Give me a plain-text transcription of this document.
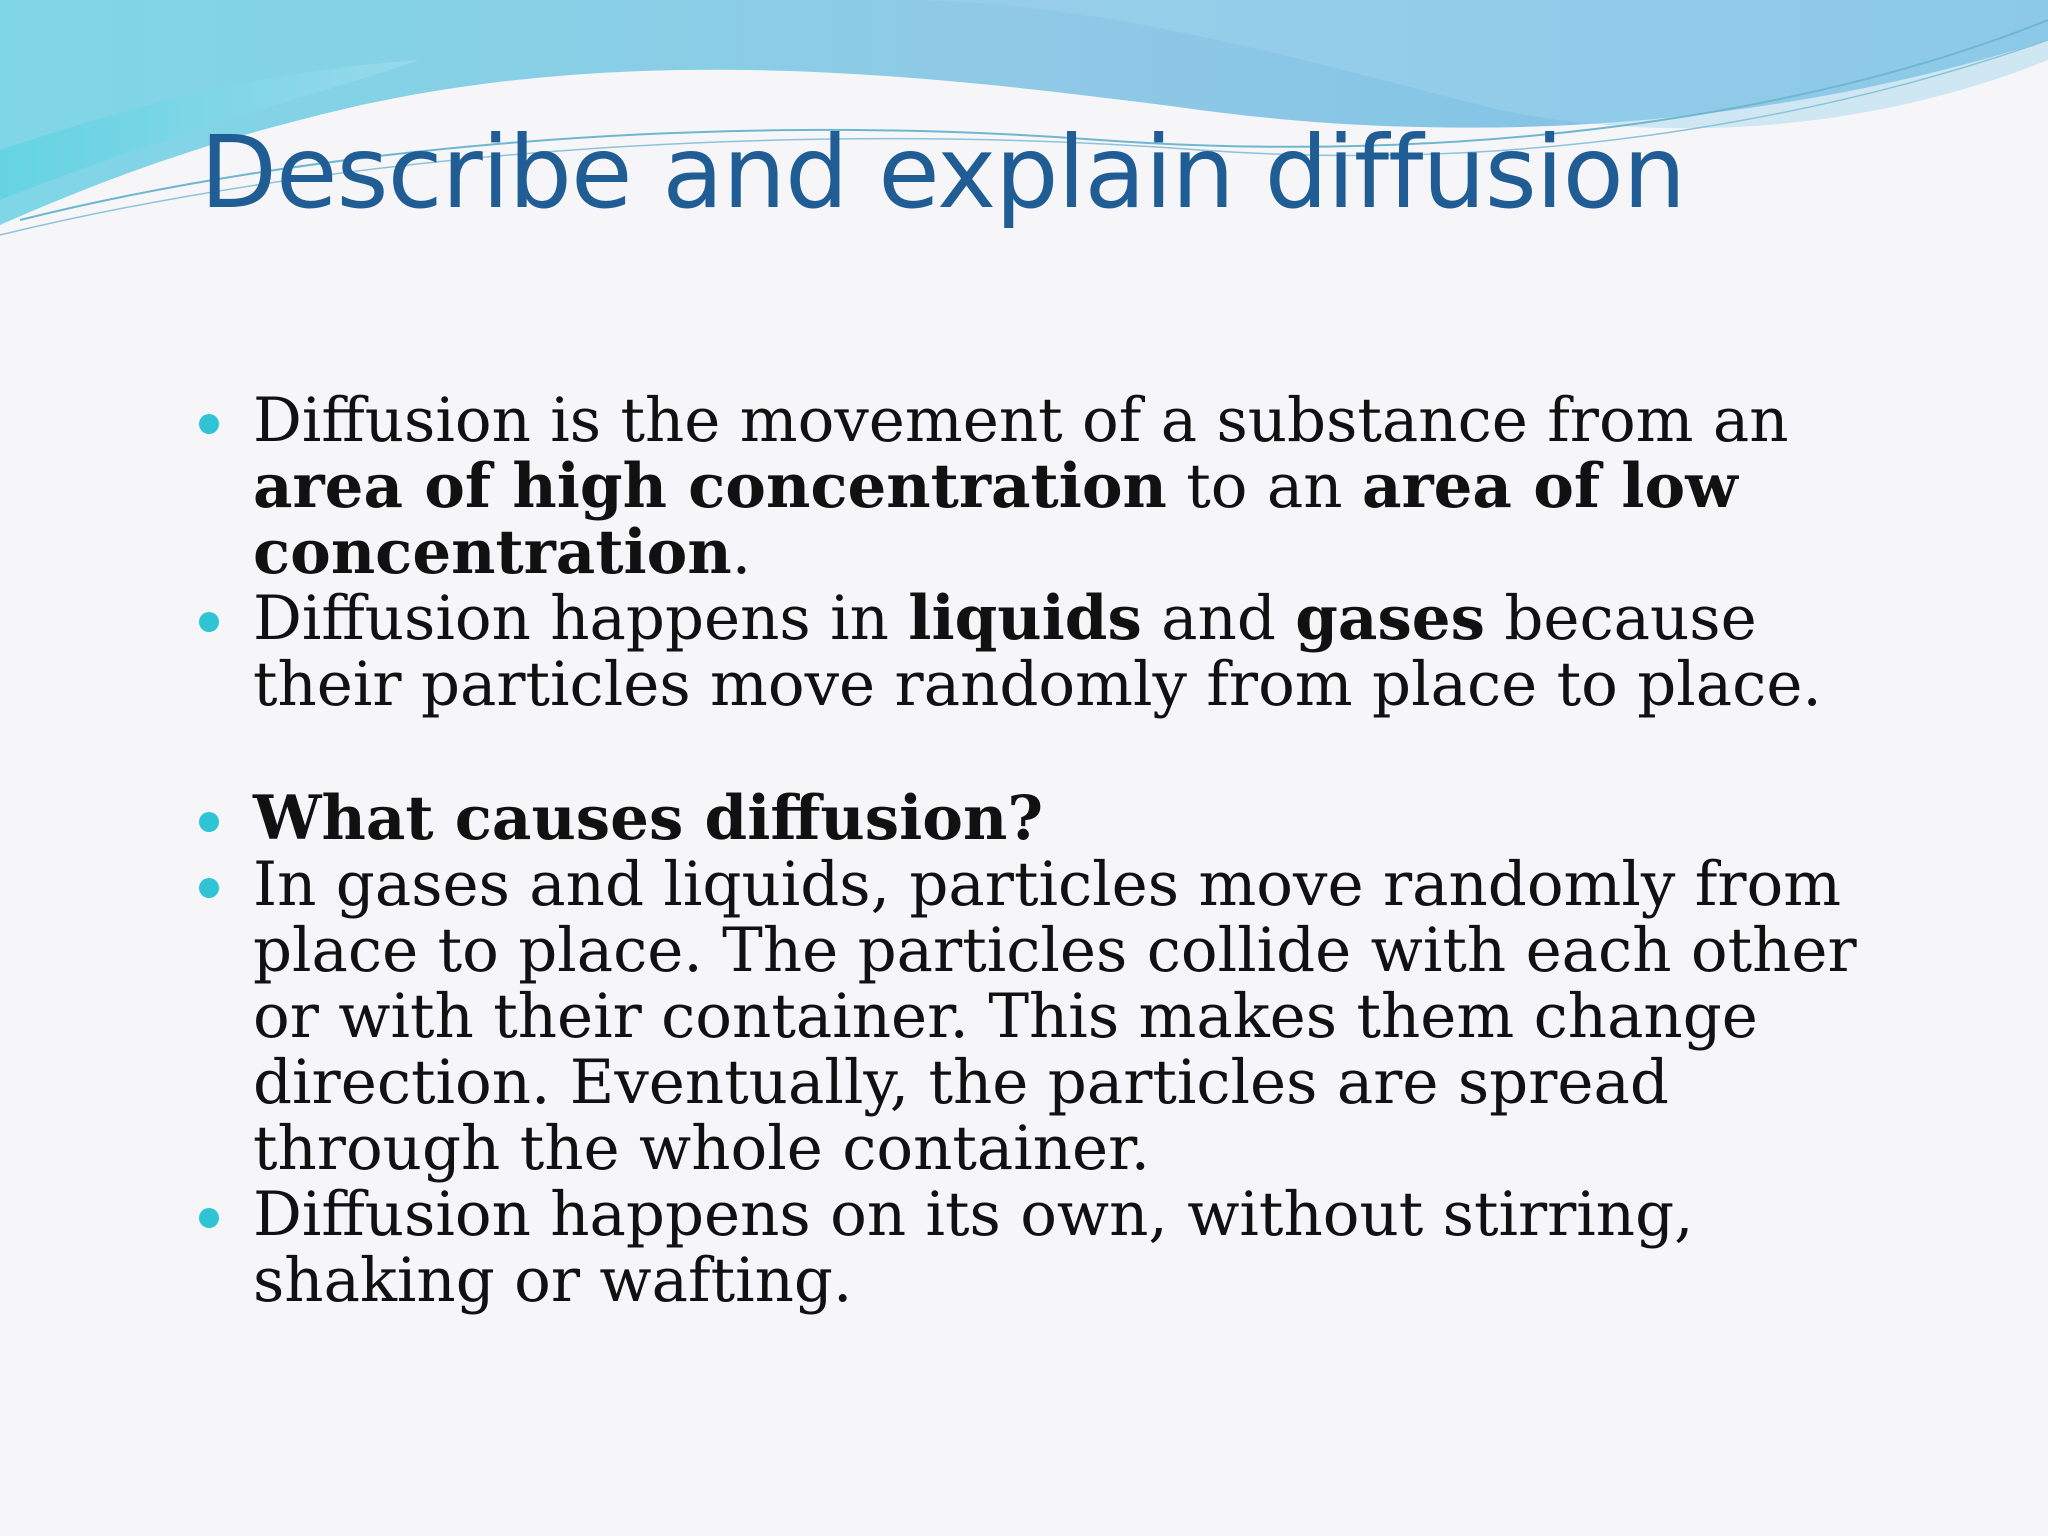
Describe and explain diffusion
Diffusion is the movement of a substance from an area of high concentration to an area of low concentration.
Diffusion happens in liquids and gases because their particles move randomly from place to place.
What causes diffusion?
In gases and liquids, particles move randomly from place to place. The particles collide with each other or with their container. This makes them change direction. Eventually, the particles are spread through the whole container.
Diffusion happens on its own, without stirring, shaking or wafting.
